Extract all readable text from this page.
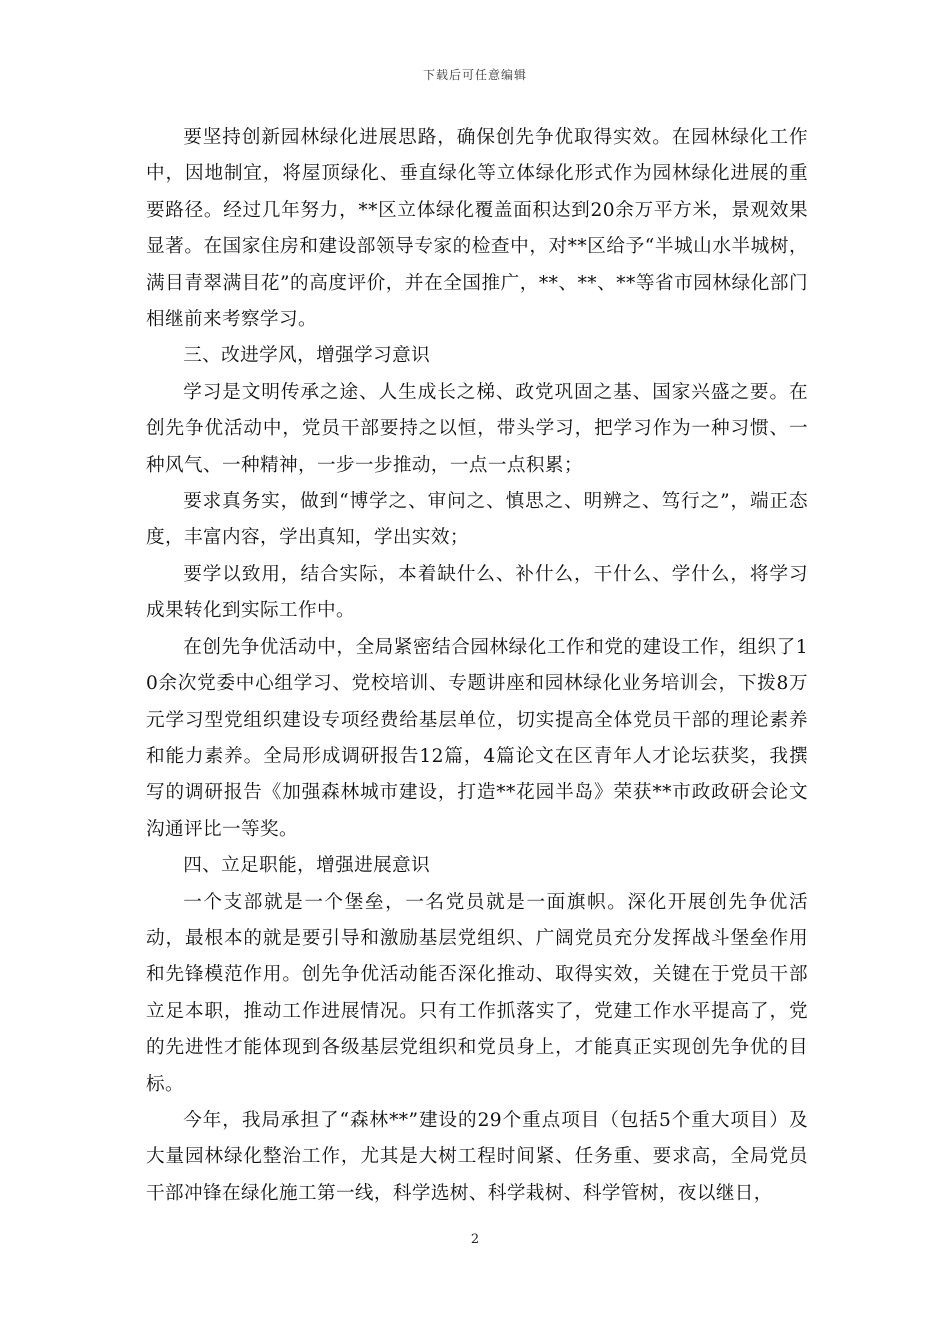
下载后可任意编辑

要坚持创新园林绿化进展思路，确保创先争优取得实效。在园林绿化工作中，因地制宜，将屋顶绿化、垂直绿化等立体绿化形式作为园林绿化进展的重要路径。经过几年努力，**区立体绿化覆盖面积达到20余万平方米，景观效果显著。在国家住房和建设部领导专家的检查中，对**区给予“半城山水半城树，满目青翠满目花”的高度评价，并在全国推广，**、**、**等省市园林绿化部门相继前来考察学习。

三、改进学风，增强学习意识

学习是文明传承之途、人生成长之梯、政党巩固之基、国家兴盛之要。在创先争优活动中，党员干部要持之以恒，带头学习，把学习作为一种习惯、一种风气、一种精神，一步一步推动，一点一点积累；

要求真务实，做到“博学之、审问之、慎思之、明辨之、笃行之”，端正态度，丰富内容，学出真知，学出实效；

要学以致用，结合实际，本着缺什么、补什么，干什么、学什么，将学习成果转化到实际工作中。

在创先争优活动中，全局紧密结合园林绿化工作和党的建设工作，组织了10余次党委中心组学习、党校培训、专题讲座和园林绿化业务培训会，下拨8万元学习型党组织建设专项经费给基层单位，切实提高全体党员干部的理论素养和能力素养。全局形成调研报告12篇，4篇论文在区青年人才论坛获奖，我撰写的调研报告《加强森林城市建设，打造**花园半岛》荣获**市政政研会论文沟通评比一等奖。

四、立足职能，增强进展意识

一个支部就是一个堡垒，一名党员就是一面旗帜。深化开展创先争优活动，最根本的就是要引导和激励基层党组织、广阔党员充分发挥战斗堡垒作用和先锋模范作用。创先争优活动能否深化推动、取得实效，关键在于党员干部立足本职，推动工作进展情况。只有工作抓落实了，党建工作水平提高了，党的先进性才能体现到各级基层党组织和党员身上，才能真正实现创先争优的目标。

今年，我局承担了“森林**”建设的29个重点项目（包括5个重大项目）及大量园林绿化整治工作，尤其是大树工程时间紧、任务重、要求高，全局党员干部冲锋在绿化施工第一线，科学选树、科学栽树、科学管树，夜以继日，

2
